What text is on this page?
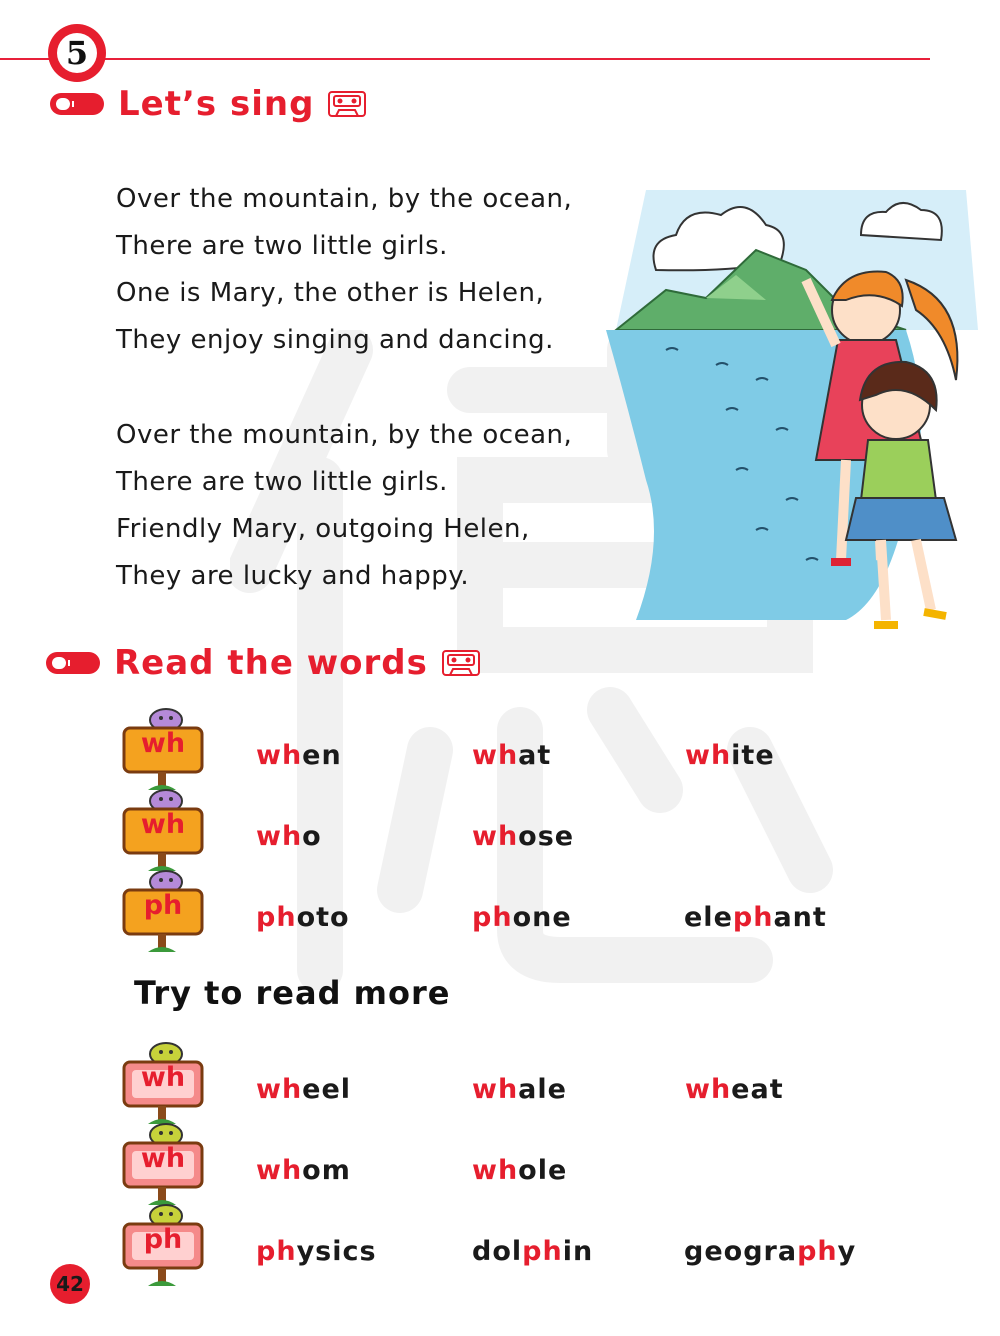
5
Let’s sing
Over the mountain, by the ocean,
There are two little girls.
One is Mary, the other is Helen,
They enjoy singing and dancing.
Over the mountain, by the ocean,
There are two little girls.
Friendly Mary, outgoing Helen,
They are lucky and happy.
Read the words
wh	when	what	white
wh	who	whose
ph	photo	phone	elephant
Try to read more
wh	wheel	whale	wheat
wh	whom	whole
ph	physics	dolphin	geography
42
